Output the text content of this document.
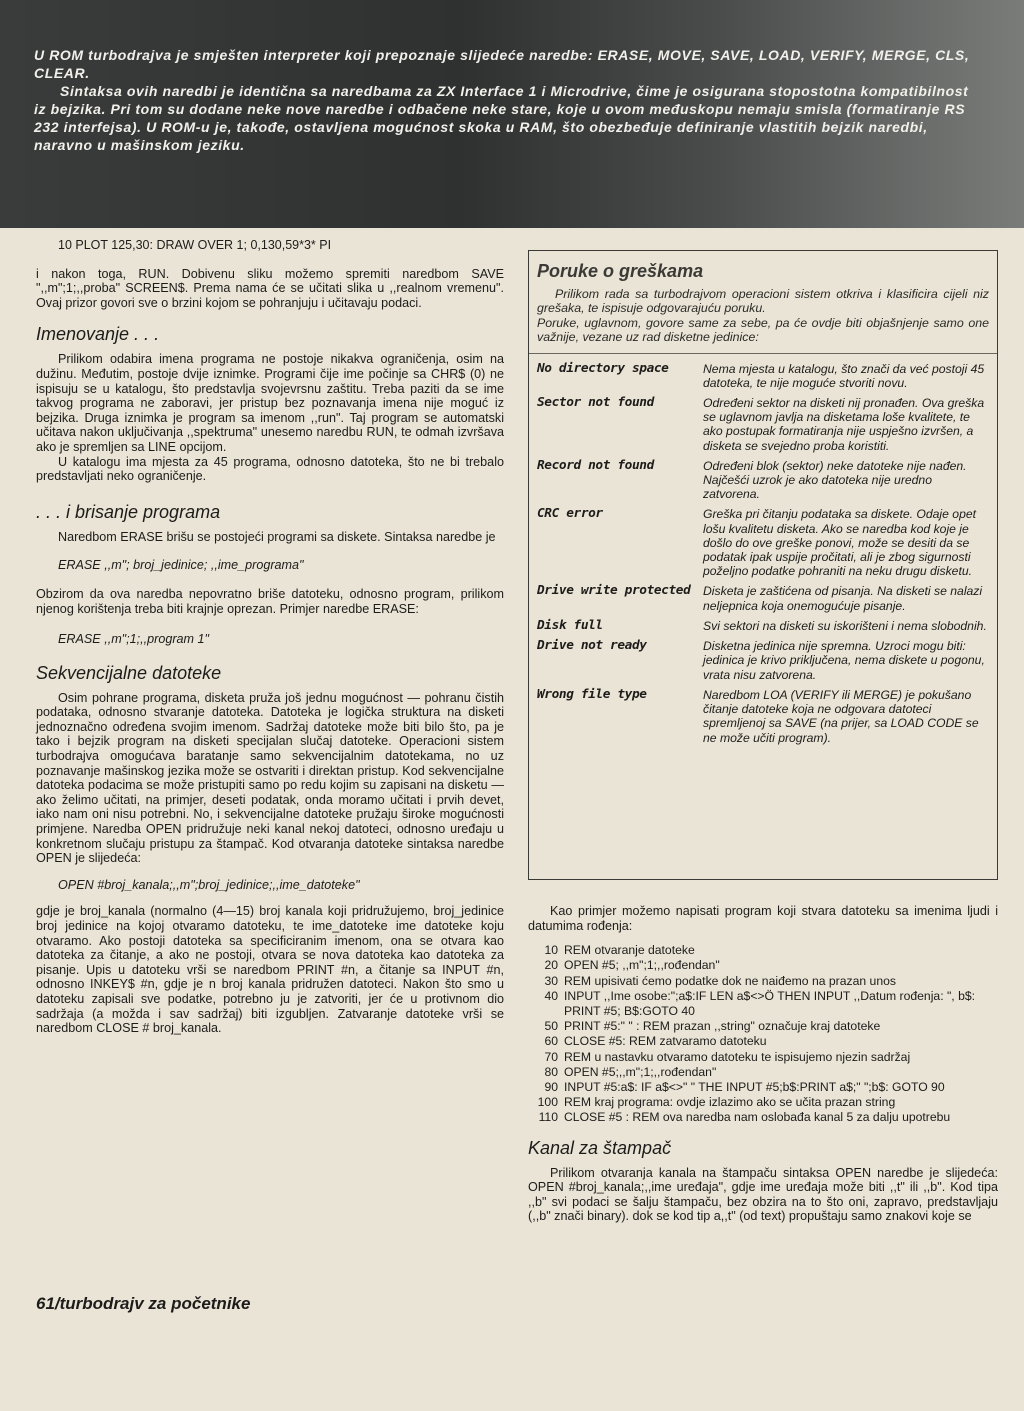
U ROM turbodrajva je smješten interpreter koji prepoznaje slijedeće naredbe: ERASE, MOVE, SAVE, LOAD, VERIFY, MERGE, CLS, CLEAR.

Sintaksa ovih naredbi je identična sa naredbama za ZX Interface 1 i Microdrive, čime je osigurana stopostotna kompatibilnost iz bejzika. Pri tom su dodane neke nove naredbe i odbačene neke stare, koje u ovom međuskopu nemaju smisla (formatiranje RS 232 interfejsa). U ROM-u je, takođe, ostavljena mogućnost skoka u RAM, što obezbeđuje definiranje vlastitih bejzik naredbi, naravno u mašinskom jeziku.

10 PLOT 125,30: DRAW OVER 1; 0,130,59*3* PI

i nakon toga, RUN. Dobivenu sliku možemo spremiti naredbom SAVE ",,m";1;,,proba" SCREEN$. Prema nama će se učitati slika u ,,realnom vremenu". Ovaj prizor govori sve o brzini kojom se pohranjuju i učitavaju podaci.

Imenovanje . . .

Prilikom odabira imena programa ne postoje nikakva ograničenja, osim na dužinu. Međutim, postoje dvije iznimke. Programi čije ime počinje sa CHR$ (0) ne ispisuju se u katalogu, što predstavlja svojevrsnu zaštitu. Treba paziti da se ime takvog programa ne zaboravi, jer pristup bez poznavanja imena nije moguć iz bejzika. Druga iznimka je program sa imenom ,,run". Taj program se automatski učitava nakon uključivanja ,,spektruma" unesemo naredbu RUN, te odmah izvršava ako je spremljen sa LINE opcijom.

U katalogu ima mjesta za 45 programa, odnosno datoteka, što ne bi trebalo predstavljati neko ograničenje.

. . . i brisanje programa

Naredbom ERASE brišu se postojeći programi sa diskete. Sintaksa naredbe je

ERASE ,,m"; broj_jedinice; ,,ime_programa"

Obzirom da ova naredba nepovratno briše datoteku, odnosno program, prilikom njenog korištenja treba biti krajnje oprezan. Primjer naredbe ERASE:

ERASE ,,m";1;,,program 1"

Sekvencijalne datoteke

Osim pohrane programa, disketa pruža još jednu mogućnost — pohranu čistih podataka, odnosno stvaranje datoteka. Datoteka je logička struktura na disketi jednoznačno određena svojim imenom. Sadržaj datoteke može biti bilo što, pa je tako i bejzik program na disketi specijalan slučaj datoteke. Operacioni sistem turbodrajva omogućava baratanje samo sekvencijalnim datotekama, no uz poznavanje mašinskog jezika može se ostvariti i direktan pristup. Kod sekvencijalne datoteka podacima se može pristupiti samo po redu kojim su zapisani na disketu — ako želimo učitati, na primjer, deseti podatak, onda moramo učitati i prvih devet, iako nam oni nisu potrebni. No, i sekvencijalne datoteke pružaju široke mogućnosti primjene. Naredba OPEN pridružuje neki kanal nekoj datoteci, odnosno uređaju u konkretnom slučaju pristupu za štampač. Kod otvaranja datoteke sintaksa naredbe OPEN je slijedeća:

OPEN #broj_kanala;,,m";broj_jedinice;,,ime_datoteke"

gdje je broj_kanala (normalno (4—15) broj kanala koji pridružujemo, broj_jedinice broj jedinice na kojoj otvaramo datoteku, te ime_datoteke ime datoteke koju otvaramo. Ako postoji datoteka sa specificiranim imenom, ona se otvara kao datoteka za čitanje, a ako ne postoji, otvara se nova datoteka kao datoteka za pisanje. Upis u datoteku vrši se naredbom PRINT #n, a čitanje sa INPUT #n, odnosno INKEY$ #n, gdje je n broj kanala pridružen datoteci. Nakon što smo u datoteku zapisali sve podatke, potrebno ju je zatvoriti, jer će u protivnom dio sadržaja (a možda i sav sadržaj) biti izgubljen. Zatvaranje datoteke vrši se naredbom CLOSE # broj_kanala.

Poruke o greškama

Prilikom rada sa turbodrajvom operacioni sistem otkriva i klasificira cijeli niz grešaka, te ispisuje odgovarajuću poruku.

Poruke, uglavnom, govore same za sebe, pa će ovdje biti objašnjenje samo one važnije, vezane uz rad disketne jedinice:

No directory space	Nema mjesta u katalogu, što znači da već postoji 45 datoteka, te nije moguće stvoriti novu.
Sector not found	Određeni sektor na disketi nij pronađen. Ova greška se uglavnom javlja na disketama loše kvalitete, te ako postupak formatiranja nije uspješno izvršen, a disketa se svejedno proba koristiti.
Record not found	Određeni blok (sektor) neke datoteke nije nađen. Najčešći uzrok je ako datoteka nije uredno zatvorena.
CRC error	Greška pri čitanju podataka sa diskete. Odaje opet lošu kvalitetu disketa. Ako se naredba kod koje je došlo do ove greške ponovi, može se desiti da se podatak ipak uspije pročitati, ali je zbog sigurnosti poželjno podatke pohraniti na neku drugu disketu.
Drive write protected	Disketa je zaštićena od pisanja. Na disketi se nalazi neljepnica koja onemogućuje pisanje.
Disk full	Svi sektori na disketi su iskorišteni i nema slobodnih.
Drive not ready	Disketna jedinica nije spremna. Uzroci mogu biti: jedinica je krivo priključena, nema diskete u pogonu, vrata nisu zatvorena.
Wrong file type	Naredbom LOA (VERIFY ili MERGE) je pokušano čitanje datoteke koja ne odgovara datoteci spremljenoj sa SAVE (na prijer, sa LOAD CODE se ne može učiti program).

Kao primjer možemo napisati program koji stvara datoteku sa imenima ljudi i datumima rođenja:

10 REM otvaranje datoteke
20 OPEN #5; ,,m";1;,,rođendan"
30 REM upisivati ćemo podatke dok ne naiđemo na prazan unos
40 INPUT ,,Ime osobe:";a$:IF LEN a$<>Ö THEN INPUT ,,Datum rođenja: ", b$: PRINT #5; B$:GOTO 40
50 PRINT #5:" " : REM prazan ,,string" označuje kraj datoteke
60 CLOSE #5: REM zatvaramo datoteku
70 REM u nastavku otvaramo datoteku te ispisujemo njezin sadržaj
80 OPEN #5;,,m";1;,,rođendan"
90 INPUT #5:a$: IF a$<>" " THE INPUT #5;b$:PRINT a$;" ";b$: GOTO 90
100 REM kraj programa: ovdje izlazimo ako se učita prazan string
110 CLOSE #5 : REM ova naredba nam oslobađa kanal 5 za dalju upotrebu
Kanal za štampač

Prilikom otvaranja kanala na štampaču sintaksa OPEN naredbe je slijedeća: OPEN #broj_kanala;,,ime uređaja", gdje ime uređaja može biti ,,t" ili ,,b". Kod tipa ,,b" svi podaci se šalju štampaču, bez obzira na to što oni, zapravo, predstavljaju (,,b" znači binary). dok se kod tip a,,t" (od text) propuštaju samo znakovi koje se

61/turbodrajv za početnike
